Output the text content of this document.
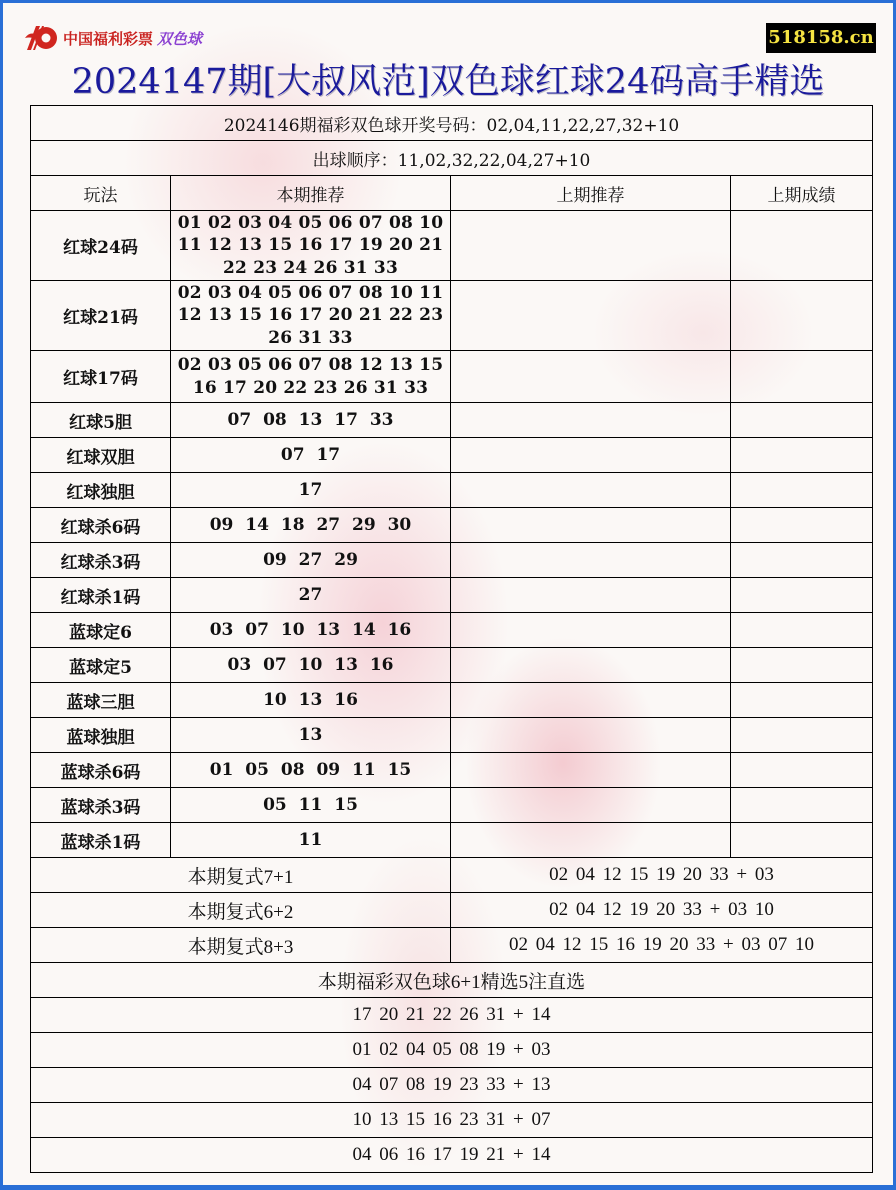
中国福利彩票 双色球	518158.cn
2024147期[大叔风范]双色球红球24码高手精选
2024146期福彩双色球开奖号码：02,04,11,22,27,32+10			
出球顺序：11,02,32,22,04,27+10			
玩法	本期推荐	上期推荐	上期成绩
红球24码	01 02 03 04 05 06 07 08 10
11 12 13 15 16 17 19 20 21
22 23 24 26 31 33		

红球21码	02 03 04 05 06 07 08 10 11
12 13 15 16 17 20 21 22 23
26 31 33		

红球17码	02 03 05 06 07 08 12 13 15
16 17 20 22 23 26 31 33		

红球5胆	07 08 13 17 33		
红球双胆	07 17		
红球独胆	17		
红球杀6码	09 14 18 27 29 30		
红球杀3码	09 27 29		
红球杀1码	27		
蓝球定6	03 07 10 13 14 16		
蓝球定5	03 07 10 13 16		
蓝球三胆	10 13 16		
蓝球独胆	13		
蓝球杀6码	01 05 08 09 11 15		
蓝球杀3码	05 11 15		
蓝球杀1码	11		
本期复式7+1		02 04 12 15 19 20 33 + 03	
本期复式6+2		02 04 12 19 20 33 + 03 10	
本期复式8+3		02 04 12 15 16 19 20 33 + 03 07 10	
本期福彩双色球6+1精选5注直选			
17 20 21 22 26 31 + 14			
01 02 04 05 08 19 + 03			
04 07 08 19 23 33 + 13			
10 13 15 16 23 31 + 07			
04 06 16 17 19 21 + 14			
